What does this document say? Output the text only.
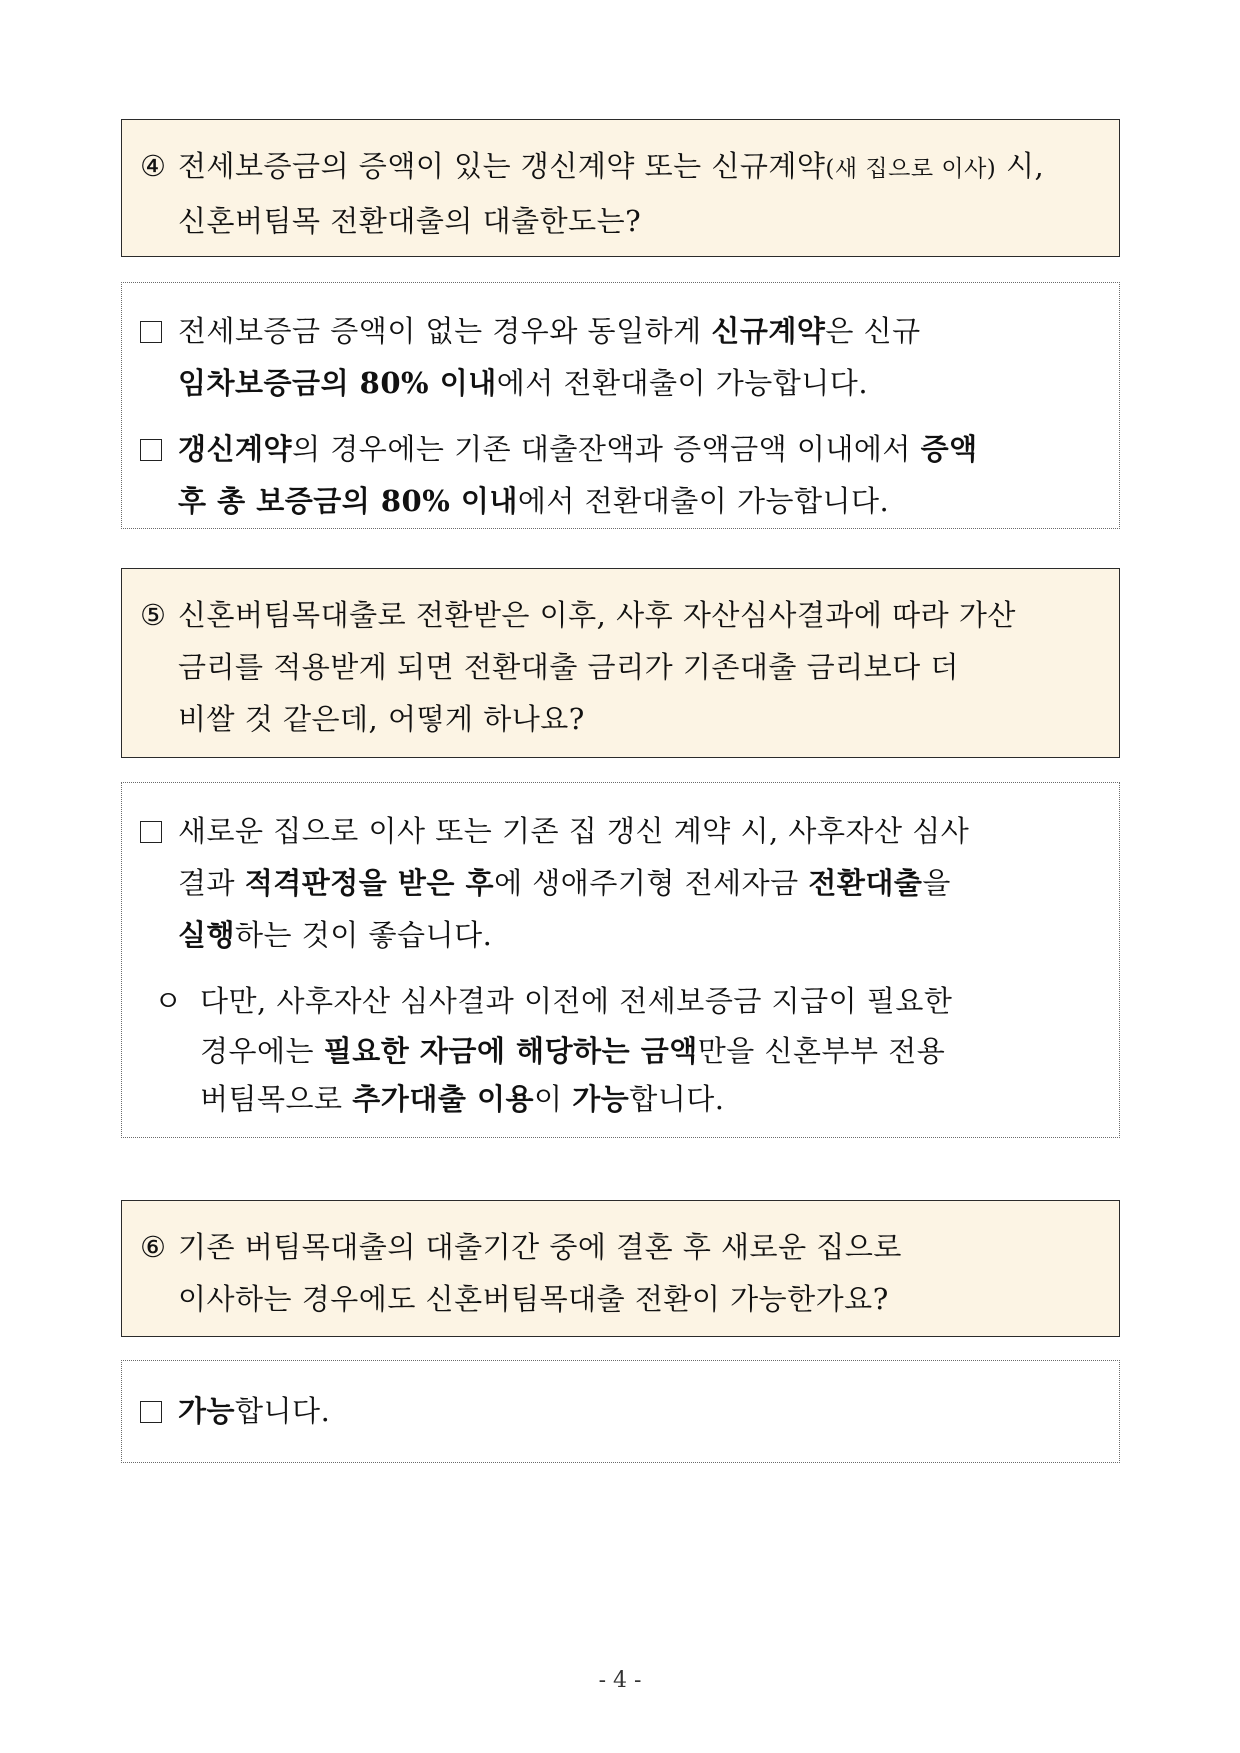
④ 전세보증금의 증액이 있는 갱신계약 또는 신규계약(새 집으로 이사) 시,
신혼버팀목 전환대출의 대출한도는?
전세보증금 증액이 없는 경우와 동일하게 신규계약은 신규
임차보증금의 80% 이내에서 전환대출이 가능합니다.
갱신계약의 경우에는 기존 대출잔액과 증액금액 이내에서 증액
후 총 보증금의 80% 이내에서 전환대출이 가능합니다.
⑤ 신혼버팀목대출로 전환받은 이후, 사후 자산심사결과에 따라 가산
금리를 적용받게 되면 전환대출 금리가 기존대출 금리보다 더
비쌀 것 같은데, 어떻게 하나요?
새로운 집으로 이사 또는 기존 집 갱신 계약 시, 사후자산 심사
결과 적격판정을 받은 후에 생애주기형 전세자금 전환대출을
실행하는 것이 좋습니다.
ㅇ 다만, 사후자산 심사결과 이전에 전세보증금 지급이 필요한
경우에는 필요한 자금에 해당하는 금액만을 신혼부부 전용
버팀목으로 추가대출 이용이 가능합니다.
⑥ 기존 버팀목대출의 대출기간 중에 결혼 후 새로운 집으로
이사하는 경우에도 신혼버팀목대출 전환이 가능한가요?
가능합니다.
- 4 -
